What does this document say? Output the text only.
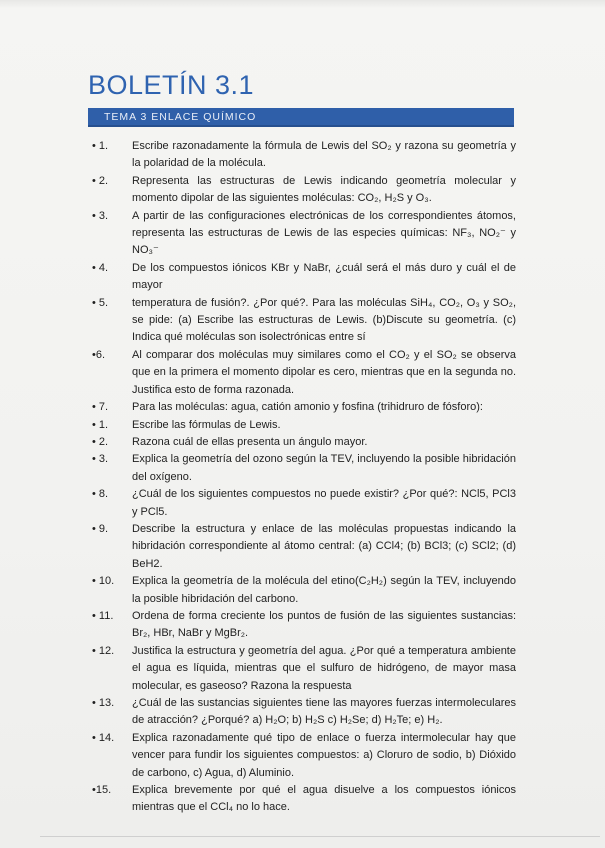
BOLETÍN 3.1
TEMA 3 ENLACE QUÍMICO
• 1.	Escribe razonadamente la fórmula de Lewis del SO₂ y razona su geometría y la polaridad de la molécula.
• 2.	Representa las estructuras de Lewis indicando geometría molecular y momento dipolar de las siguientes moléculas: CO₂, H₂S y O₃.
• 3.	A partir de las configuraciones electrónicas de los correspondientes átomos, representa las estructuras de Lewis de las especies químicas: NF₃, NO₂⁻ y NO₃⁻
• 4.	De los compuestos iónicos KBr y NaBr, ¿cuál será el más duro y cuál el de mayor
• 5.	temperatura de fusión?. ¿Por qué?. Para las moléculas SiH₄, CO₂, O₃ y SO₂, se pide: (a) Escribe las estructuras de Lewis. (b)Discute su geometría. (c) Indica qué moléculas son isolectrónicas entre sí
•6.	Al comparar dos moléculas muy similares como el CO₂ y el SO₂ se observa que en la primera el momento dipolar es cero, mientras que en la segunda no. Justifica esto de forma razonada.
• 7.	Para las moléculas: agua, catión amonio y fosfina (trihidruro de fósforo):
• 1.	Escribe las fórmulas de Lewis.
• 2.	Razona cuál de ellas presenta un ángulo mayor.
• 3.	Explica la geometría del ozono según la TEV, incluyendo la posible hibridación del oxígeno.
• 8.	¿Cuál de los siguientes compuestos no puede existir? ¿Por qué?: NCl5, PCl3 y PCl5.
• 9.	Describe la estructura y enlace de las moléculas propuestas indicando la hibridación correspondiente al átomo central: (a) CCl4; (b) BCl3; (c) SCl2; (d) BeH2.
• 10.	Explica la geometría de la molécula del etino(C₂H₂) según la TEV, incluyendo la posible hibridación del carbono.
• 11.	Ordena de forma creciente los puntos de fusión de las siguientes sustancias: Br₂, HBr, NaBr y MgBr₂.
• 12.	Justifica la estructura y geometría del agua. ¿Por qué a temperatura ambiente el agua es líquida, mientras que el sulfuro de hidrógeno, de mayor masa molecular, es gaseoso? Razona la respuesta
• 13.	¿Cuál de las sustancias siguientes tiene las mayores fuerzas intermoleculares de atracción? ¿Porqué? a) H₂O; b) H₂S c) H₂Se; d) H₂Te; e) H₂.
• 14.	Explica razonadamente qué tipo de enlace o fuerza intermolecular hay que vencer para fundir los siguientes compuestos: a) Cloruro de sodio, b) Dióxido de carbono, c) Agua, d) Aluminio.
•15.	Explica brevemente por qué el agua disuelve a los compuestos iónicos mientras que el CCl₄ no lo hace.
